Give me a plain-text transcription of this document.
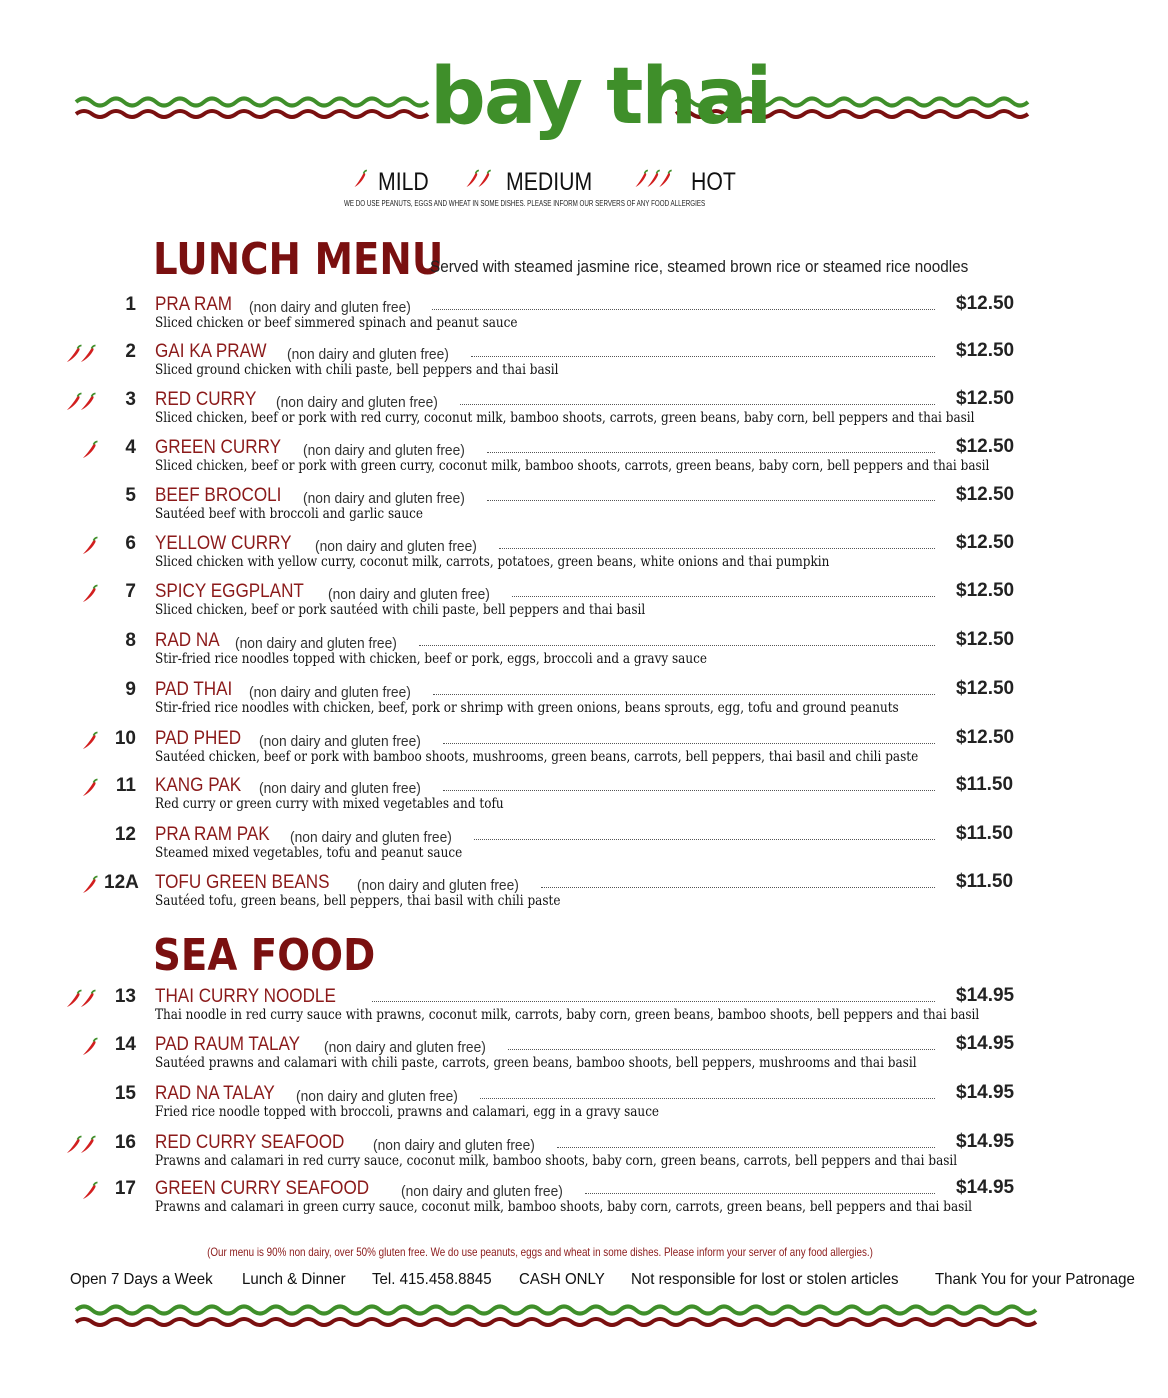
bay thai
MILD	MEDIUM	HOT
WE DO USE PEANUTS, EGGS AND WHEAT IN SOME DISHES. PLEASE INFORM OUR SERVERS OF ANY FOOD ALLERGIES
LUNCH MENU
Served with steamed jasmine rice, steamed brown rice or steamed rice noodles
1 PRA RAM (non dairy and gluten free)	$12.50
Sliced chicken or beef simmered spinach and peanut sauce
2 GAI KA PRAW (non dairy and gluten free)	$12.50
Sliced ground chicken with chili paste, bell peppers and thai basil
3 RED CURRY (non dairy and gluten free)	$12.50
Sliced chicken, beef or pork with red curry, coconut milk, bamboo shoots, carrots, green beans, baby corn, bell peppers and thai basil
4 GREEN CURRY (non dairy and gluten free)	$12.50
Sliced chicken, beef or pork with green curry, coconut milk, bamboo shoots, carrots, green beans, baby corn, bell peppers and thai basil
5 BEEF BROCOLI (non dairy and gluten free)	$12.50
Sautéed beef with broccoli and garlic sauce
6 YELLOW CURRY (non dairy and gluten free)	$12.50
Sliced chicken with yellow curry, coconut milk, carrots, potatoes, green beans, white onions and thai pumpkin
7 SPICY EGGPLANT (non dairy and gluten free)	$12.50
Sliced chicken, beef or pork sautéed with chili paste, bell peppers and thai basil
8 RAD NA (non dairy and gluten free)	$12.50
Stir-fried rice noodles topped with chicken, beef or pork, eggs, broccoli and a gravy sauce
9 PAD THAI (non dairy and gluten free)	$12.50
Stir-fried rice noodles with chicken, beef, pork or shrimp with green onions, beans sprouts, egg, tofu and ground peanuts
10 PAD PHED (non dairy and gluten free)	$12.50
Sautéed chicken, beef or pork with bamboo shoots, mushrooms, green beans, carrots, bell peppers, thai basil and chili paste
11 KANG PAK (non dairy and gluten free)	$11.50
Red curry or green curry with mixed vegetables and tofu
12 PRA RAM PAK (non dairy and gluten free)	$11.50
Steamed mixed vegetables, tofu and peanut sauce
12A TOFU GREEN BEANS (non dairy and gluten free)	$11.50
Sautéed tofu, green beans, bell peppers, thai basil with chili paste
SEA FOOD
13 THAI CURRY NOODLE	$14.95
Thai noodle in red curry sauce with prawns, coconut milk, carrots, baby corn, green beans, bamboo shoots, bell peppers and thai basil
14 PAD RAUM TALAY (non dairy and gluten free)	$14.95
Sautéed prawns and calamari with chili paste, carrots, green beans, bamboo shoots, bell peppers, mushrooms and thai basil
15 RAD NA TALAY (non dairy and gluten free)	$14.95
Fried rice noodle topped with broccoli, prawns and calamari, egg in a gravy sauce
16 RED CURRY SEAFOOD (non dairy and gluten free)	$14.95
Prawns and calamari in red curry sauce, coconut milk, bamboo shoots, baby corn, green beans, carrots, bell peppers and thai basil
17 GREEN CURRY SEAFOOD (non dairy and gluten free)	$14.95
Prawns and calamari in green curry sauce, coconut milk, bamboo shoots, baby corn, carrots, green beans, bell peppers and thai basil
(Our menu is 90% non dairy, over 50% gluten free. We do use peanuts, eggs and wheat in some dishes. Please inform your server of any food allergies.)
Open 7 Days a Week Lunch & Dinner Tel. 415.458.8845 CASH ONLY Not responsible for lost or stolen articles Thank You for your Patronage
